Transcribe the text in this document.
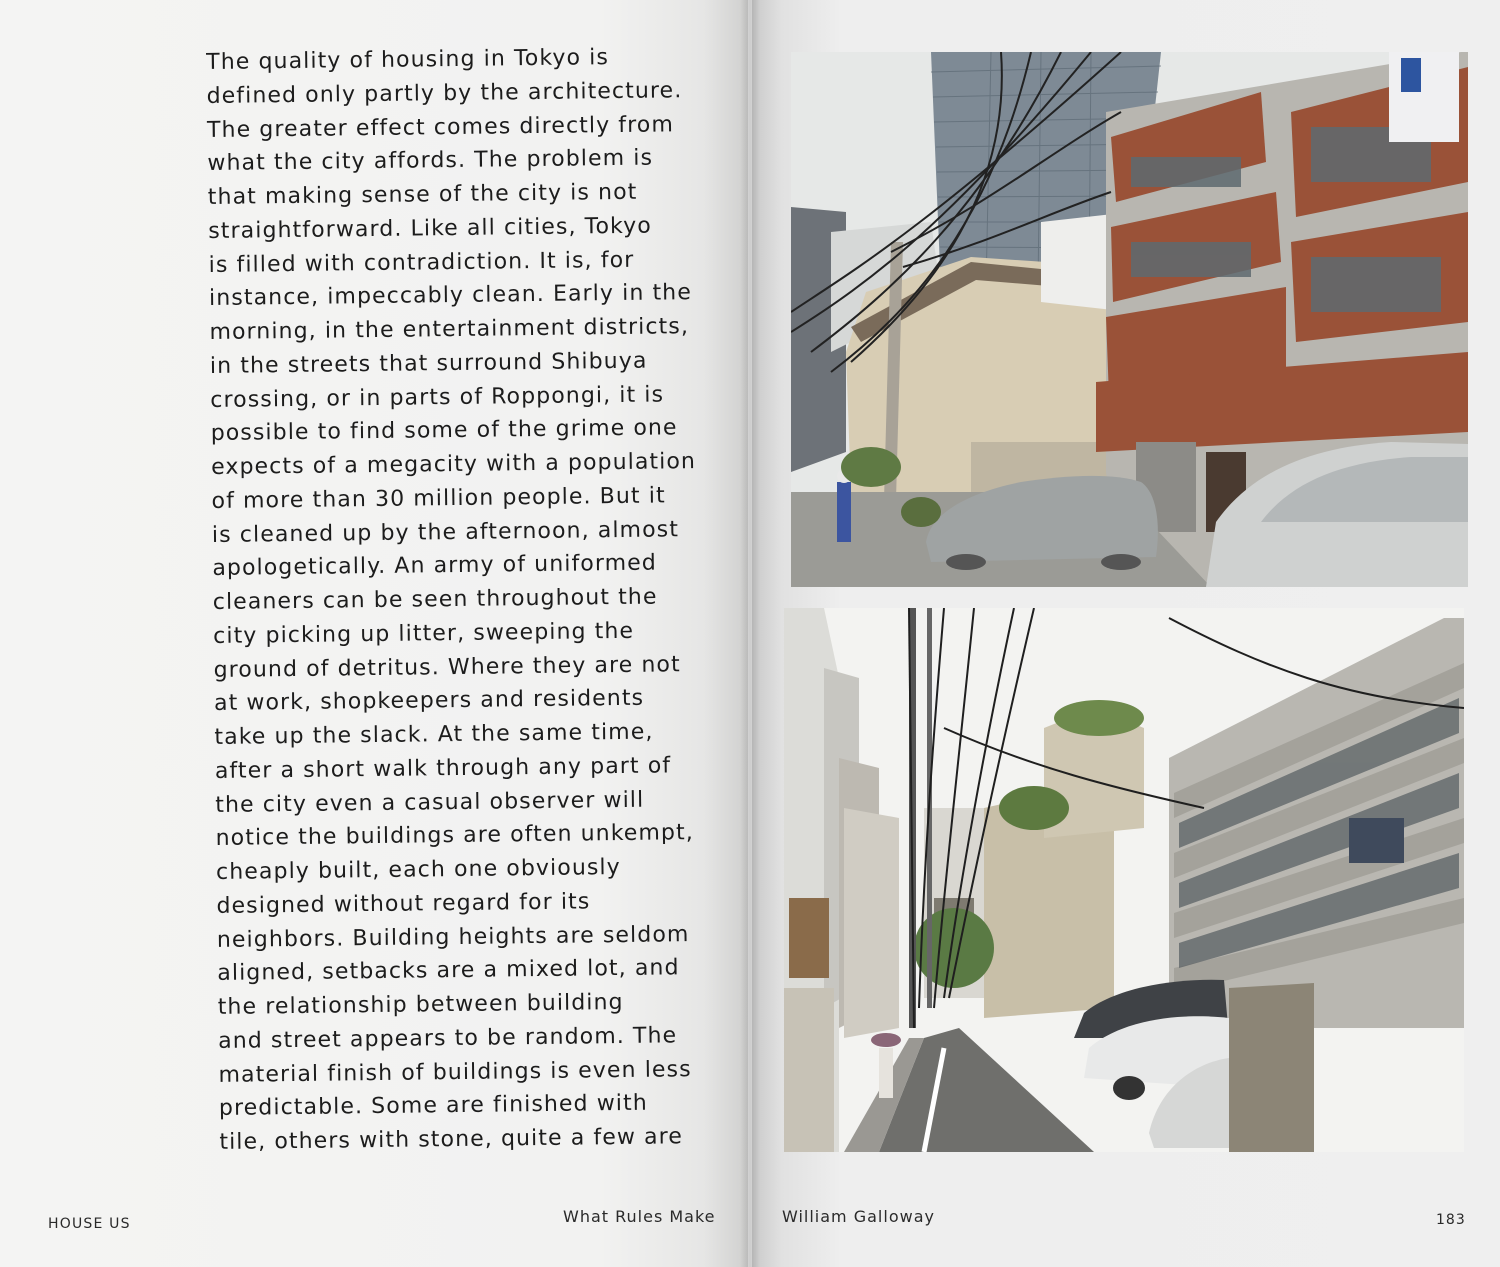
The quality of housing in Tokyo is
defined only partly by the architecture.
The greater effect comes directly from
what the city affords. The problem is
that making sense of the city is not
straightforward. Like all cities, Tokyo
is filled with contradiction. It is, for
instance, impeccably clean. Early in the
morning, in the entertainment districts,
in the streets that surround Shibuya
crossing, or in parts of Roppongi, it is
possible to find some of the grime one
expects of a megacity with a population
of more than 30 million people. But it
is cleaned up by the afternoon, almost
apologetically. An army of uniformed
cleaners can be seen throughout the
city picking up litter, sweeping the
ground of detritus. Where they are not
at work, shopkeepers and residents
take up the slack. At the same time,
after a short walk through any part of
the city even a casual observer will
notice the buildings are often unkempt,
cheaply built, each one obviously
designed without regard for its
neighbors. Building heights are seldom
aligned, setbacks are a mixed lot, and
the relationship between building
and street appears to be random. The
material finish of buildings is even less
predictable. Some are finished with
tile, others with stone, quite a few are
HOUSE US	What Rules Make	William Galloway	183
